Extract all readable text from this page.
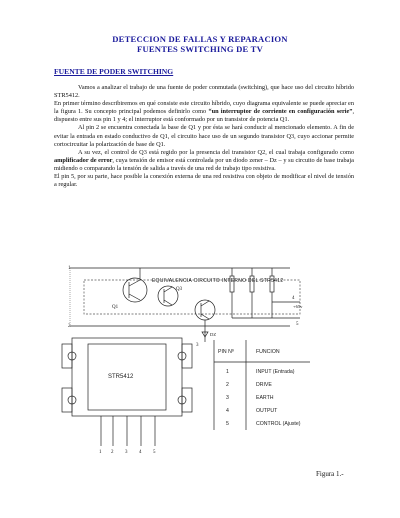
DETECCION DE FALLAS Y REPARACION
FUENTES SWITCHING DE TV
FUENTE DE PODER SWITCHING

Vamos a analizar el trabajo de una fuente de poder conmutada (switching), que hace uso del circuito híbrido STR5412.

En primer término describiremos en qué consiste este circuito híbrido, cuyo diagrama equivalente se puede apreciar en la figura 1. Su concepto principal podemos definirlo como “un interruptor de corriente en configuración serie”, dispuesto entre sus pin 1 y 4; el interruptor está conformado por un transistor de potencia Q1.

Al pin 2 se encuentra conectada la base de Q1 y por ésta se hará conducir al mencionado elemento. A fin de evitar la entrada en estado conductivo de Q1, el circuito hace uso de un segundo transistor Q3, cuyo accionar permite cortocircuitar la polarización de base de Q1.

A su vez, el control de Q3 está regido por la presencia del transistor Q2, el cual trabaja configurado como amplificador de error, cuya tensión de emisor está controlada por un diodo zener – Dz – y su circuito de base trabaja midiendo o comparando la tensión de salida a través de una red de trabajo tipo resistiva.

El pin 5, por su parte, hace posible la conexión externa de una red resistiva con objeto de modificar el nivel de tensión a regular.

EQUIVALENCIA CIRCUITO INTERNO DEL STR5412
1
Q3
4
+65v
5
2
3
DZ
Q1
STR5412
1 2 3 4 5
PIN Nº	FUNCION
1	INPUT (Entrada)
2	DRIVE
3	EARTH
4	OUTPUT
5	CONTROL (Ajuste)
Figura 1.-
